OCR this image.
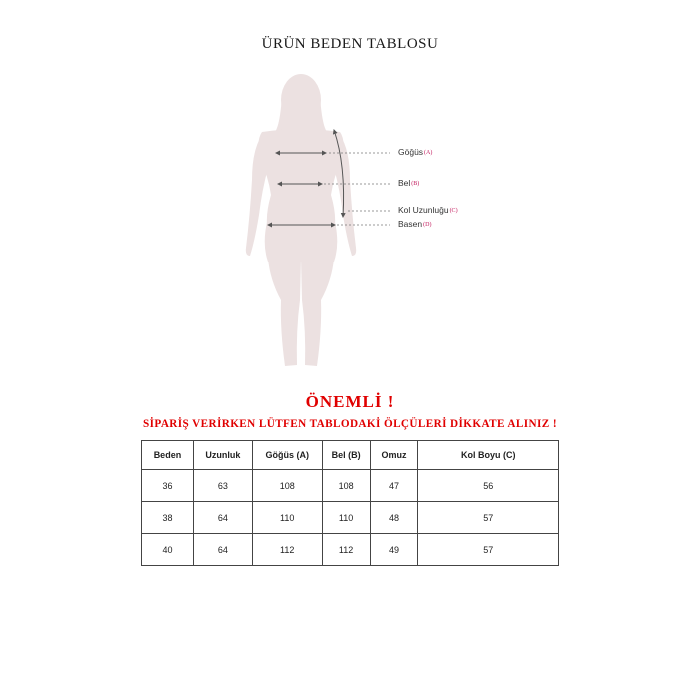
ÜRÜN BEDEN TABLOSU
Göğüs(A)
Bel(B)
Kol Uzunluğu(C)
Basen(D)
ÖNEMLİ !
SİPARİŞ VERİRKEN LÜTFEN TABLODAKİ ÖLÇÜLERİ DİKKATE ALINIZ !
Beden	Uzunluk	Göğüs (A)	Bel (B)	Omuz	Kol Boyu (C)
36	63	108	108	47	56
38	64	110	110	48	57
40	64	112	112	49	57
